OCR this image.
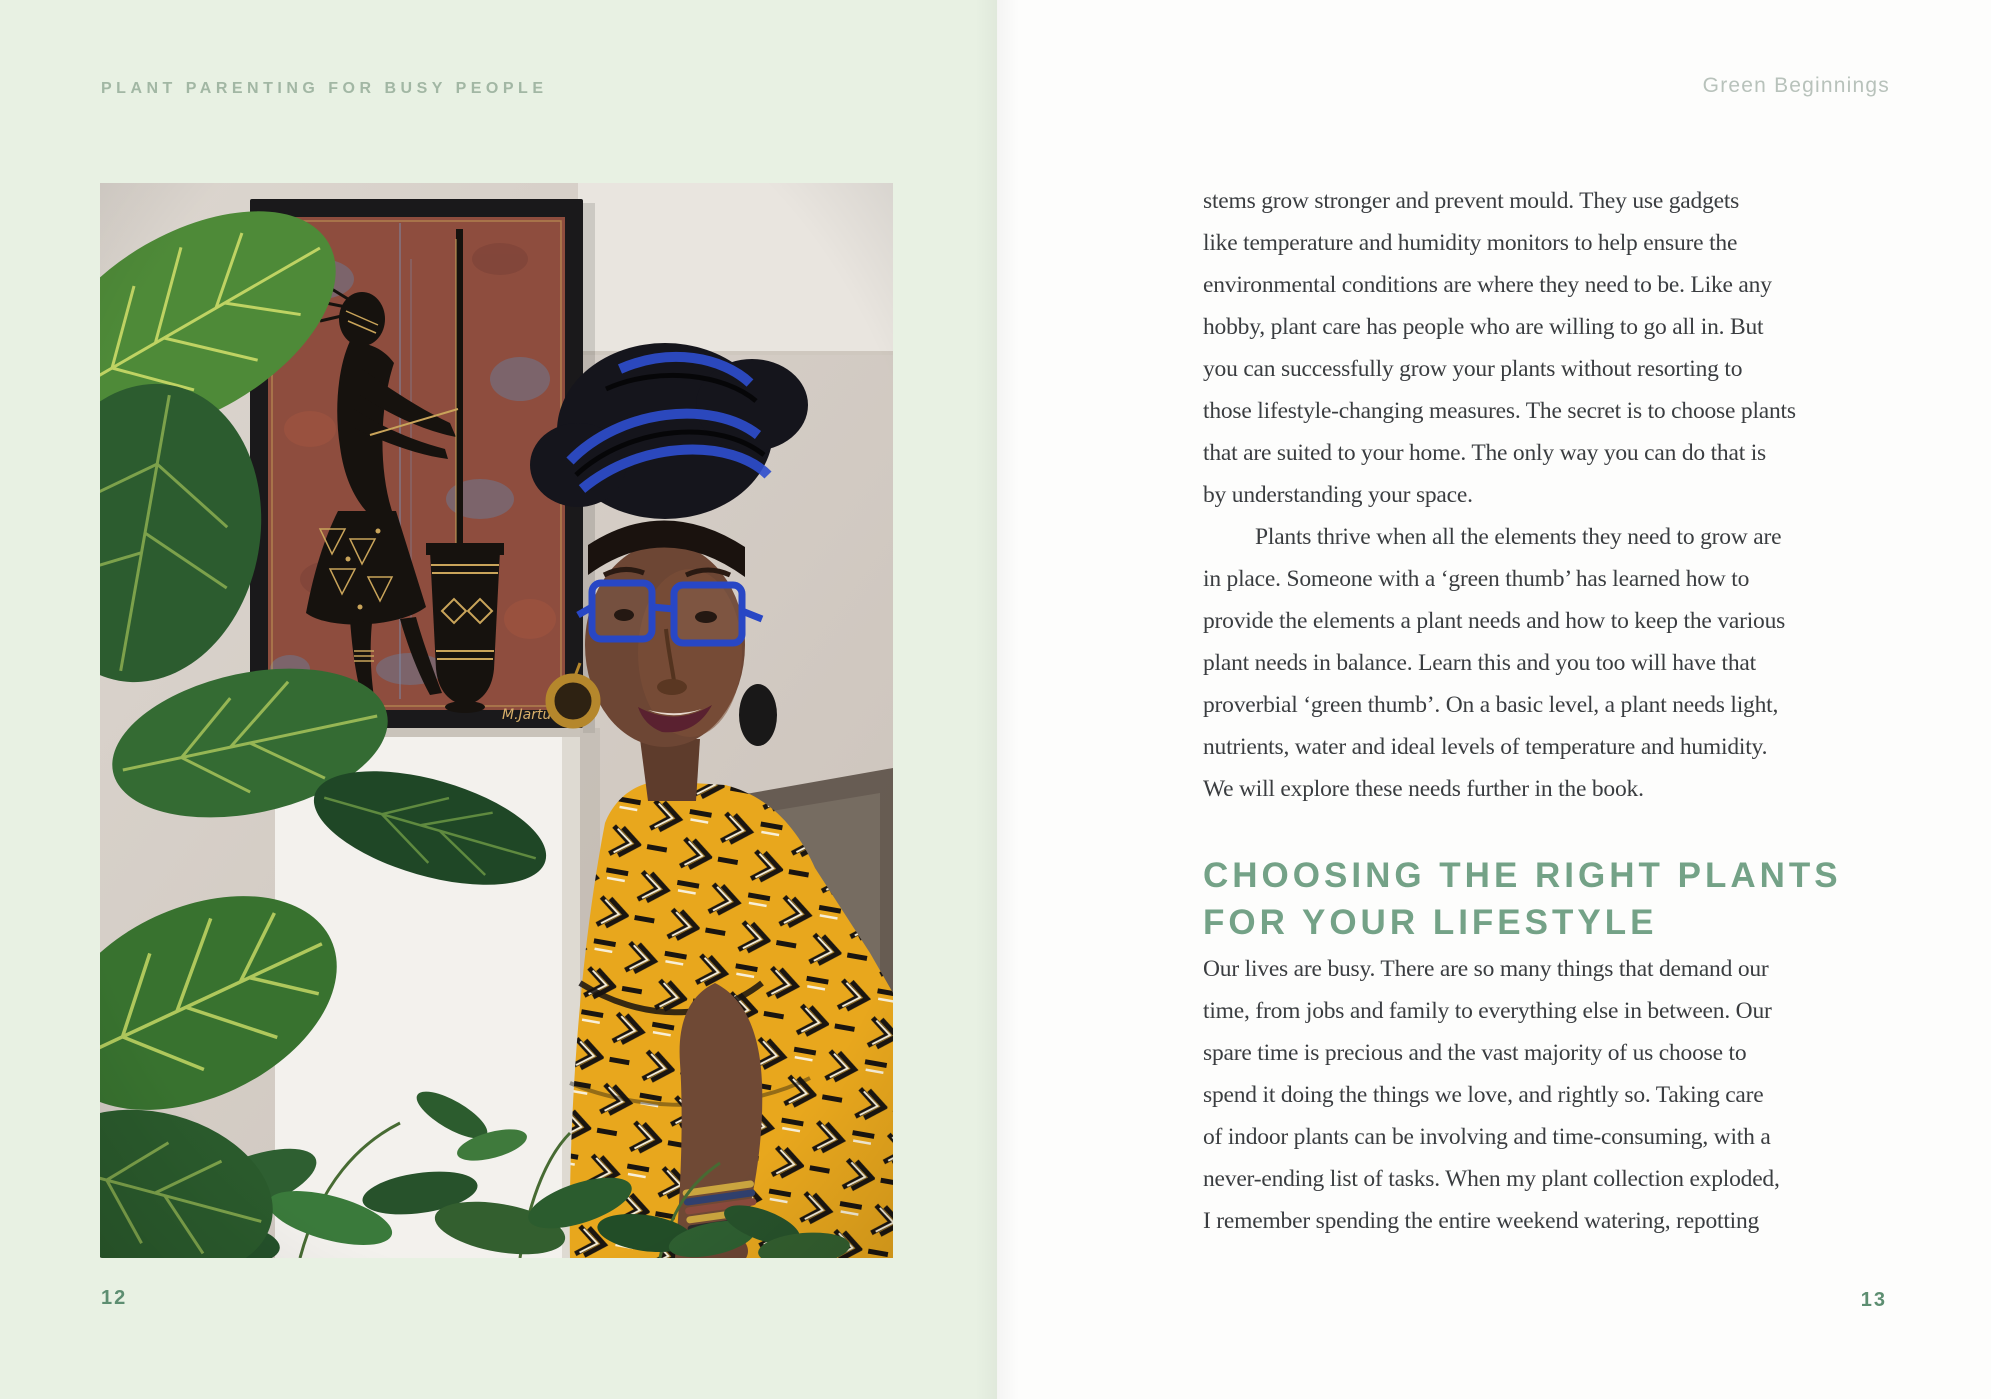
PLANT PARENTING FOR BUSY PEOPLE	Green Beginnings
12
stems grow stronger and prevent mould. They use gadgets
like temperature and humidity monitors to help ensure the
environmental conditions are where they need to be. Like any
hobby, plant care has people who are willing to go all in. But
you can successfully grow your plants without resorting to
those lifestyle-changing measures. The secret is to choose plants
that are suited to your home. The only way you can do that is
by understanding your space.
Plants thrive when all the elements they need to grow are
in place. Someone with a ‘green thumb’ has learned how to
provide the elements a plant needs and how to keep the various
plant needs in balance. Learn this and you too will have that
proverbial ‘green thumb’. On a basic level, a plant needs light,
nutrients, water and ideal levels of temperature and humidity.
We will explore these needs further in the book.
CHOOSING THE RIGHT PLANTS
FOR YOUR LIFESTYLE
Our lives are busy. There are so many things that demand our
time, from jobs and family to everything else in between. Our
spare time is precious and the vast majority of us choose to
spend it doing the things we love, and rightly so. Taking care
of indoor plants can be involving and time-consuming, with a
never-ending list of tasks. When my plant collection exploded,
I remember spending the entire weekend watering, repotting
13
